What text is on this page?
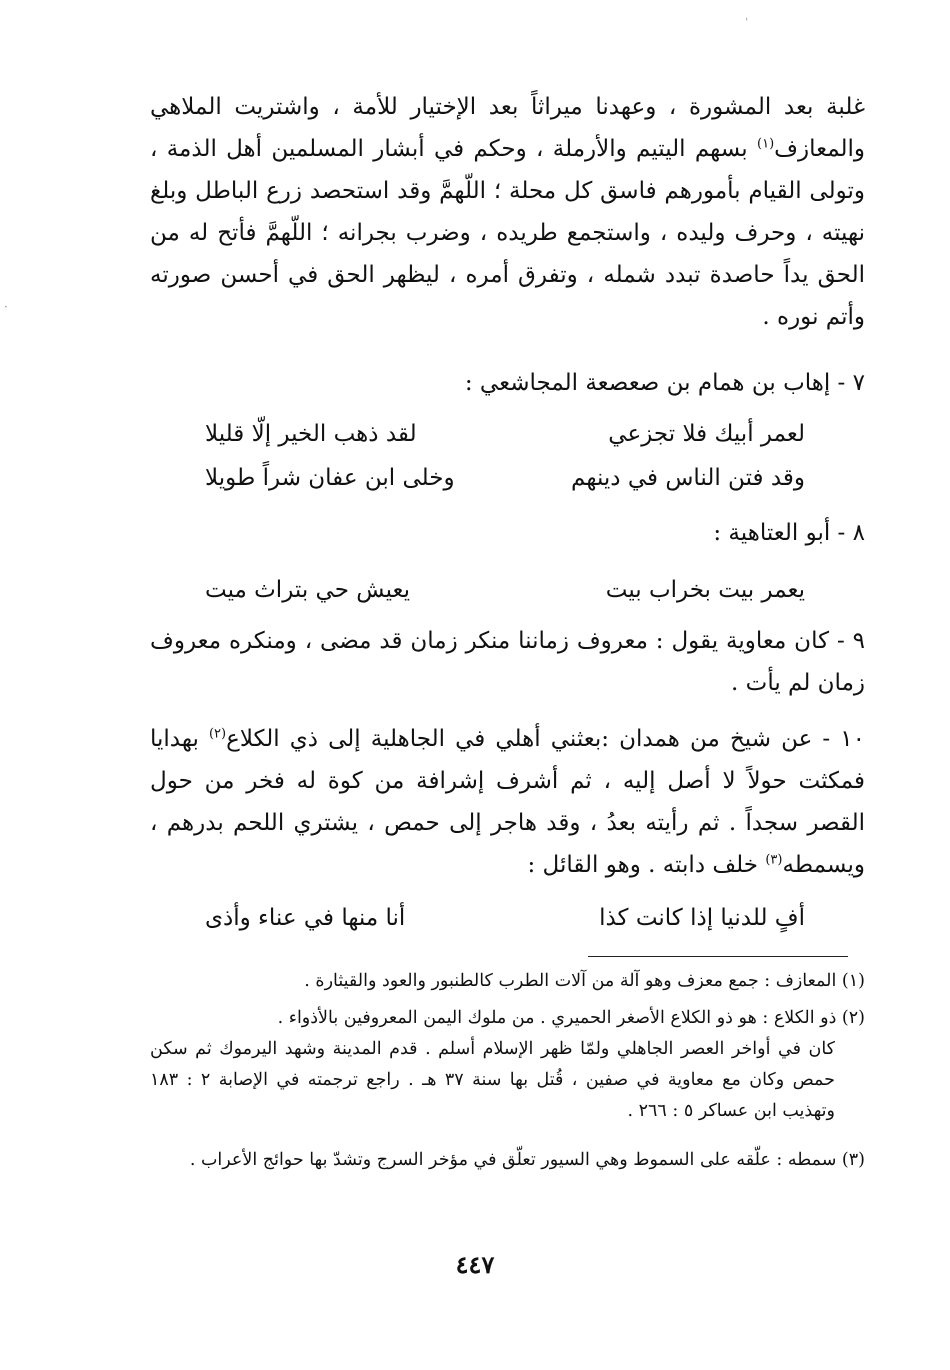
غلبة بعد المشورة ، وعهدنا ميراثاً بعد الإختيار للأمة ، واشتريت الملاهي والمعازف$^{(١)}$ بسهم اليتيم والأرملة ، وحكم في أبشار المسلمين أهل الذمة ، وتولى القيام بأمورهم فاسق كل محلة ؛ اللّهمَّ وقد استحصد زرع الباطل وبلغ نهيته ، وحرف وليده ، واستجمع طريده ، وضرب بجرانه ؛ اللّهمَّ فأتح له من الحق يداً حاصدة تبدد شمله ، وتفرق أمره ، ليظهر الحق في أحسن صورته وأتم نوره .

٧ - إهاب بن همام بن صعصعة المجاشعي :

لعمر أبيك فلا تجزعي
لقد ذهب الخير إلّا قليلا
وقد فتن الناس في دينهم
وخلى ابن عفان شراً طويلا

٨ - أبو العتاهية :

يعمر بيت بخراب بيت
يعيش حي بتراث ميت

٩ - كان معاوية يقول : معروف زماننا منكر زمان قد مضى ، ومنكره معروف زمان لم يأت .

١٠ - عن شيخ من همدان :بعثني أهلي في الجاهلية إلى ذي الكلاع$^{(٢)}$ بهدايا فمكثت حولاً لا أصل إليه ، ثم أشرف إشرافة من كوة له فخر من حول القصر سجداً . ثم رأيته بعدُ ، وقد هاجر إلى حمص ، يشتري اللحم بدرهم ، ويسمطه$^{(٣)}$ خلف دابته . وهو القائل :

أفٍ للدنيا إذا كانت كذا
أنا منها في عناء وأذى

(١) المعازف : جمع معزف وهو آلة من آلات الطرب كالطنبور والعود والقيثارة .

(٢) ذو الكلاع : هو ذو الكلاع الأصغر الحميري . من ملوك اليمن المعروفين بالأذواء .
كان في أواخر العصر الجاهلي ولمّا ظهر الإسلام أسلم . قدم المدينة وشهد اليرموك ثم سكن حمص وكان مع معاوية في صفين ، قُتل بها سنة ٣٧ هـ . راجع ترجمته في الإصابة ٢ : ١٨٣ وتهذيب ابن عساكر ٥ : ٢٦٦ .

(٣) سمطه : علّقه على السموط وهي السيور تعلّق في مؤخر السرج وتشدّ بها حوائج الأعراب .

٤٤٧
ˌ
·
